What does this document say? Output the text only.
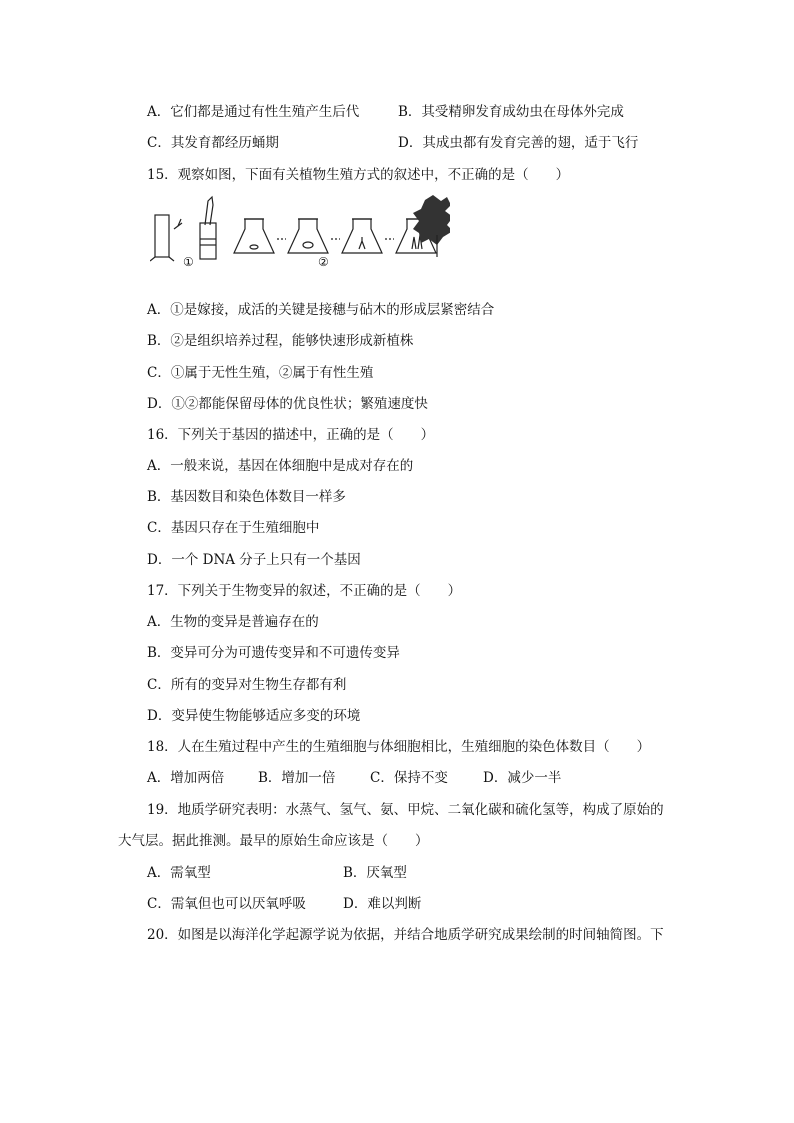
A．它们都是通过有性生殖产生后代	B．其受精卵发育成幼虫在母体外完成
C．其发育都经历蛹期	D．其成虫都有发育完善的翅，适于飞行
15．观察如图，下面有关植物生殖方式的叙述中，不正确的是（　　）
①	②
A．①是嫁接，成活的关键是接穗与砧木的形成层紧密结合
B．②是组织培养过程，能够快速形成新植株
C．①属于无性生殖，②属于有性生殖
D．①②都能保留母体的优良性状；繁殖速度快
16．下列关于基因的描述中，正确的是（　　）
A．一般来说，基因在体细胞中是成对存在的
B．基因数目和染色体数目一样多
C．基因只存在于生殖细胞中
D．一个 DNA 分子上只有一个基因
17．下列关于生物变异的叙述，不正确的是（　　）
A．生物的变异是普遍存在的
B．变异可分为可遗传变异和不可遗传变异
C．所有的变异对生物生存都有利
D．变异使生物能够适应多变的环境
18．人在生殖过程中产生的生殖细胞与体细胞相比，生殖细胞的染色体数目（　　）
A．增加两倍	B．增加一倍	C．保持不变	D．减少一半
19．地质学研究表明：水蒸气、氢气、氨、甲烷、二氧化碳和硫化氢等，构成了原始的
大气层。据此推测。最早的原始生命应该是（　　）
A．需氧型	B．厌氧型
C．需氧但也可以厌氧呼吸	D．难以判断
20．如图是以海洋化学起源学说为依据，并结合地质学研究成果绘制的时间轴简图。下
